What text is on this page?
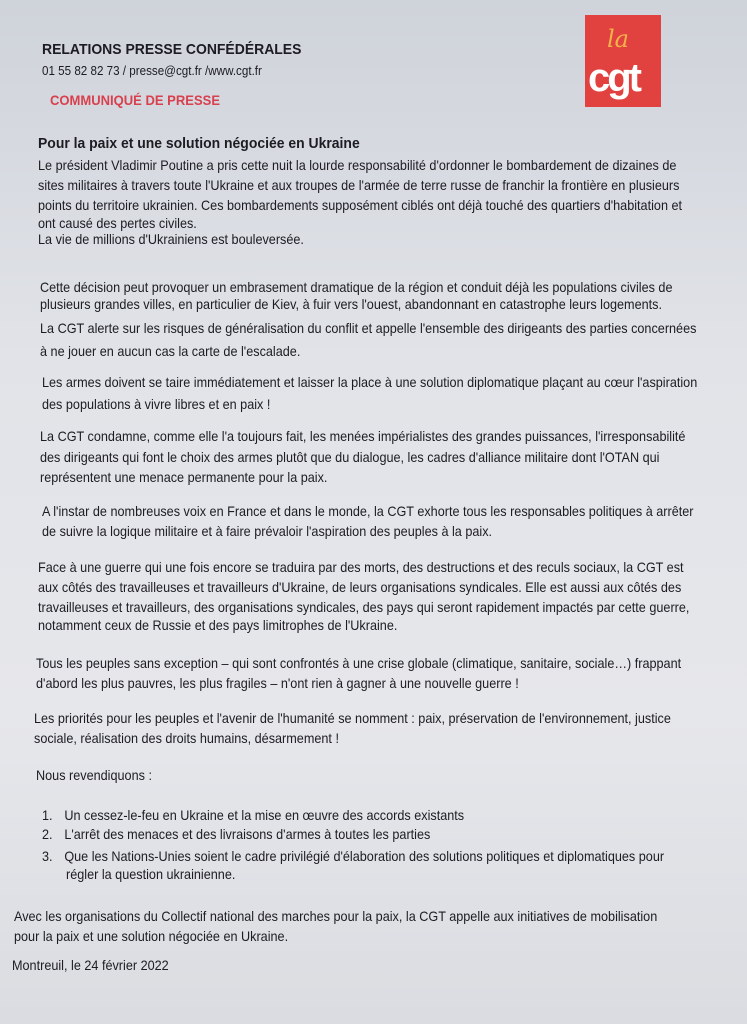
RELATIONS PRESSE CONFÉDÉRALES
01 55 82 82 73 / presse@cgt.fr /www.cgt.fr
COMMUNIQUÉ DE PRESSE
la
cgt
Pour la paix et une solution négociée en Ukraine
Le président Vladimir Poutine a pris cette nuit la lourde responsabilité d'ordonner le bombardement de dizaines de
sites militaires à travers toute l'Ukraine et aux troupes de l'armée de terre russe de franchir la frontière en plusieurs
points du territoire ukrainien. Ces bombardements supposément ciblés ont déjà touché des quartiers d'habitation et
ont causé des pertes civiles.
La vie de millions d'Ukrainiens est bouleversée.
Cette décision peut provoquer un embrasement dramatique de la région et conduit déjà les populations civiles de
plusieurs grandes villes, en particulier de Kiev, à fuir vers l'ouest, abandonnant en catastrophe leurs logements.
La CGT alerte sur les risques de généralisation du conflit et appelle l'ensemble des dirigeants des parties concernées
à ne jouer en aucun cas la carte de l'escalade.
Les armes doivent se taire immédiatement et laisser la place à une solution diplomatique plaçant au cœur l'aspiration
des populations à vivre libres et en paix !
La CGT condamne, comme elle l'a toujours fait, les menées impérialistes des grandes puissances, l'irresponsabilité
des dirigeants qui font le choix des armes plutôt que du dialogue, les cadres d'alliance militaire dont l'OTAN qui
représentent une menace permanente pour la paix.
A l'instar de nombreuses voix en France et dans le monde, la CGT exhorte tous les responsables politiques à arrêter
de suivre la logique militaire et à faire prévaloir l'aspiration des peuples à la paix.
Face à une guerre qui une fois encore se traduira par des morts, des destructions et des reculs sociaux, la CGT est
aux côtés des travailleuses et travailleurs d'Ukraine, de leurs organisations syndicales. Elle est aussi aux côtés des
travailleuses et travailleurs, des organisations syndicales, des pays qui seront rapidement impactés par cette guerre,
notamment ceux de Russie et des pays limitrophes de l'Ukraine.
Tous les peuples sans exception – qui sont confrontés à une crise globale (climatique, sanitaire, sociale…) frappant
d'abord les plus pauvres, les plus fragiles – n'ont rien à gagner à une nouvelle guerre !
Les priorités pour les peuples et l'avenir de l'humanité se nomment : paix, préservation de l'environnement, justice
sociale, réalisation des droits humains, désarmement !
Nous revendiquons :
1. Un cessez-le-feu en Ukraine et la mise en œuvre des accords existants
2. L'arrêt des menaces et des livraisons d'armes à toutes les parties
3. Que les Nations-Unies soient le cadre privilégié d'élaboration des solutions politiques et diplomatiques pour
régler la question ukrainienne.
Avec les organisations du Collectif national des marches pour la paix, la CGT appelle aux initiatives de mobilisation
pour la paix et une solution négociée en Ukraine.
Montreuil, le 24 février 2022
